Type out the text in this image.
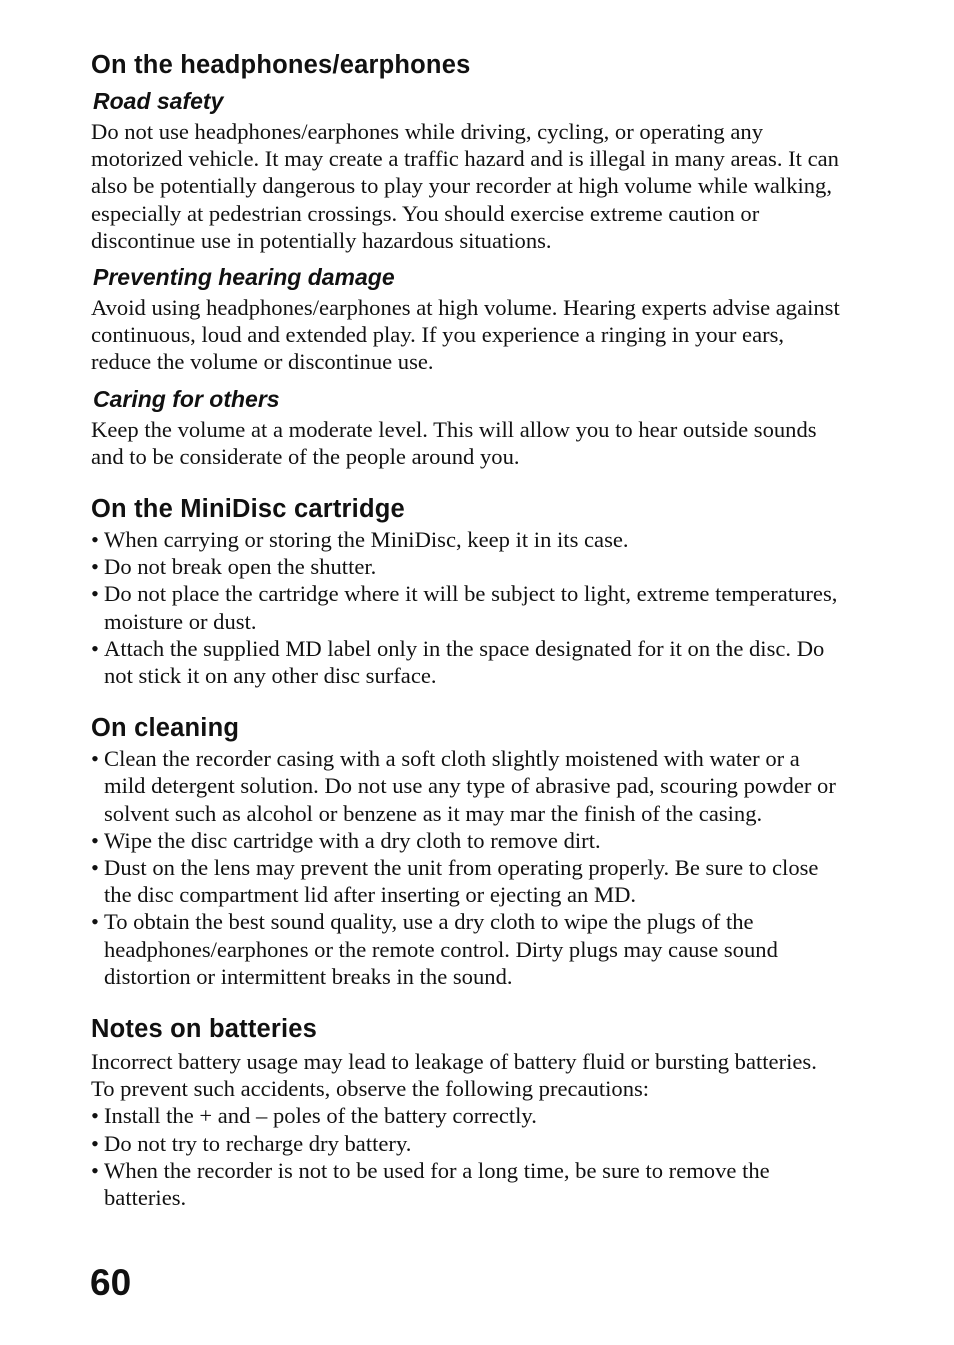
On the headphones/earphones
Road safety

Do not use headphones/earphones while driving, cycling, or operating any motorized vehicle. It may create a traffic hazard and is illegal in many areas. It can also be potentially dangerous to play your recorder at high volume while walking, especially at pedestrian crossings. You should exercise extreme caution or discontinue use in potentially hazardous situations.

Preventing hearing damage

Avoid using headphones/earphones at high volume. Hearing experts advise against continuous, loud and extended play. If you experience a ringing in your ears, reduce the volume or discontinue use.

Caring for others

Keep the volume at a moderate level. This will allow you to hear outside sounds and to be considerate of the people around you.

On the MiniDisc cartridge
• When carrying or storing the MiniDisc, keep it in its case.
• Do not break open the shutter.
• Do not place the cartridge where it will be subject to light, extreme temperatures, moisture or dust.
• Attach the supplied MD label only in the space designated for it on the disc. Do not stick it on any other disc surface.
On cleaning
• Clean the recorder casing with a soft cloth slightly moistened with water or a mild detergent solution. Do not use any type of abrasive pad, scouring powder or solvent such as alcohol or benzene as it may mar the finish of the casing.
• Wipe the disc cartridge with a dry cloth to remove dirt.
• Dust on the lens may prevent the unit from operating properly. Be sure to close the disc compartment lid after inserting or ejecting an MD.
• To obtain the best sound quality, use a dry cloth to wipe the plugs of the headphones/earphones or the remote control. Dirty plugs may cause sound distortion or intermittent breaks in the sound.
Notes on batteries

Incorrect battery usage may lead to leakage of battery fluid or bursting batteries. To prevent such accidents, observe the following precautions:

• Install the + and – poles of the battery correctly.
• Do not try to recharge dry battery.
• When the recorder is not to be used for a long time, be sure to remove the batteries.
60
